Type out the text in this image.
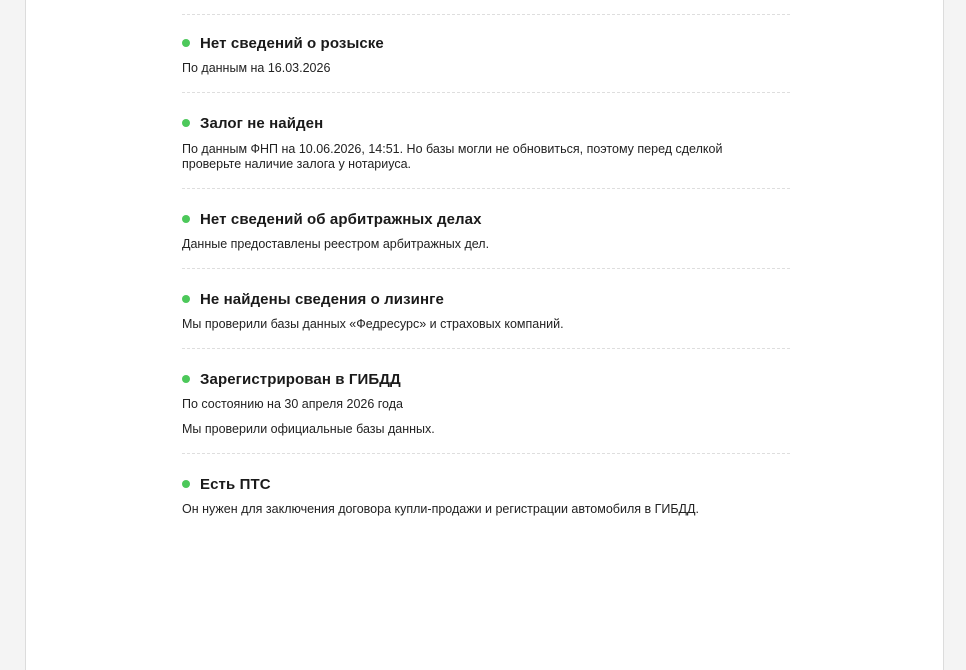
Нет сведений о розыске
По данным на 16.03.2026
Залог не найден
По данным ФНП на 10.06.2026, 14:51. Но базы могли не обновиться, поэтому перед сделкой проверьте наличие залога у нотариуса.
Нет сведений об арбитражных делах
Данные предоставлены реестром арбитражных дел.
Не найдены сведения о лизинге
Мы проверили базы данных «Федресурс» и страховых компаний.
Зарегистрирован в ГИБДД
По состоянию на 30 апреля 2026 года
Мы проверили официальные базы данных.
Есть ПТС
Он нужен для заключения договора купли-продажи и регистрации автомобиля в ГИБДД.
